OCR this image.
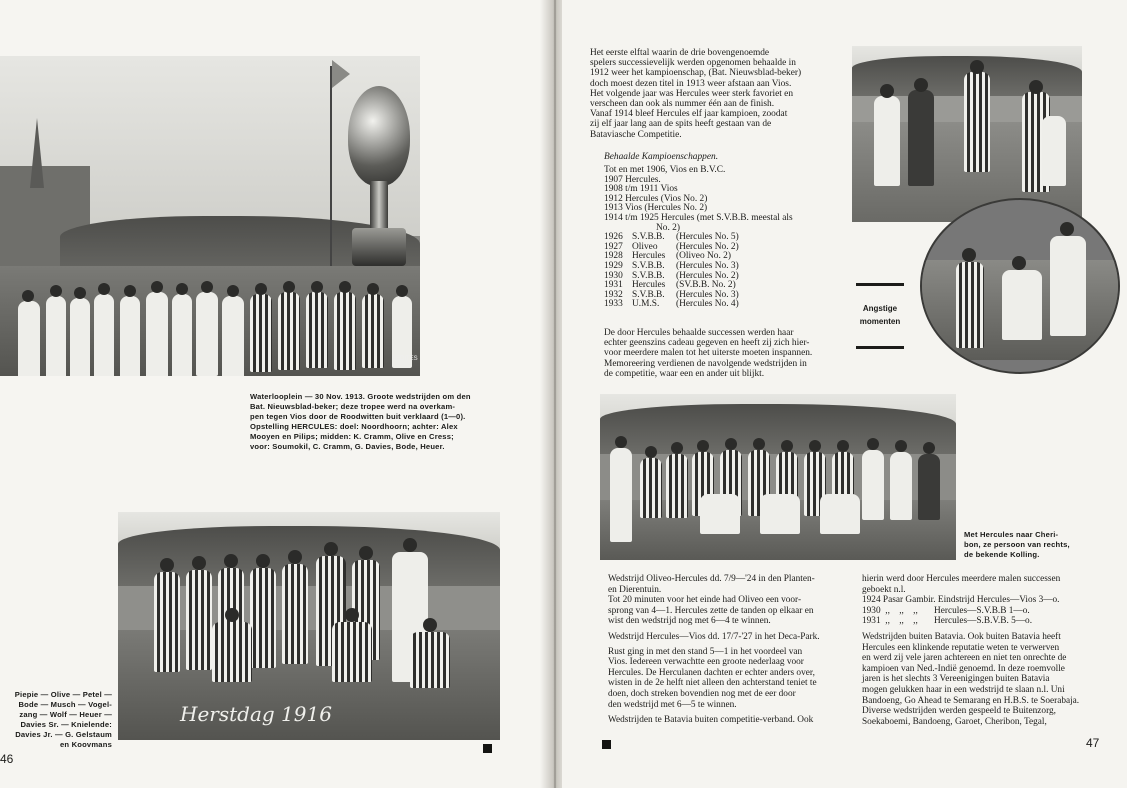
EEDITES
Waterlooplein — 30 Nov. 1913. Groote wedstrijden om den
Bat. Nieuwsblad-beker; deze tropee werd na overkam-
pen tegen Vios door de Roodwitten buit verklaard (1—0).
Opstelling HERCULES: doel: Noordhoorn; achter: Alex
Mooyen en Pilips; midden: K. Cramm, Olive en Cress;
voor: Soumokil, C. Cramm, G. Davies, Bode, Heuer.
Herstdag 1916
Piepie — Olive — Petel —
Bode — Musch — Vogel-
zang — Wolf — Heuer —
Davies Sr. — Knielende:
Davies Jr. — G. Gelstaum
en Koovmans
46

Het eerste elftal waarin de drie bovengenoemde

spelers successievelijk werden opgenomen behaalde in

1912 weer het kampioenschap, (Bat. Nieuwsblad-beker)

doch moest dezen titel in 1913 weer afstaan aan Vios.

Het volgende jaar was Hercules weer sterk favoriet en

verscheen dan ook als nummer één aan de finish.

Vanaf 1914 bleef Hercules elf jaar kampioen, zoodat

zij elf jaar lang aan de spits heeft gestaan van de

Bataviasche Competitie.

Behaalde Kampioenschappen.
Tot en met 1906, Vios en B.V.C.
1907 Hercules.
1908 t/m 1911 Vios
1912 Hercules (Vios No. 2)
1913 Vios (Hercules No. 2)
1914 t/m 1925 Hercules (met S.V.B.B. meestal als
No. 2)
1926 S.V.B.B. (Hercules No. 5)
1927 Oliveo (Hercules No. 2)
1928 Hercules (Oliveo No. 2)
1929 S.V.B.B. (Hercules No. 3)
1930 S.V.B.B. (Hercules No. 2)
1931 Hercules (SV.B.B. No. 2)
1932 S.V.B.B. (Hercules No. 3)
1933 U.M.S. (Hercules No. 4)

De door Hercules behaalde successen werden haar

echter geenszins cadeau gegeven en heeft zij zich hier-

voor meerdere malen tot het uiterste moeten inspannen.

Memoreering verdienen de navolgende wedstrijden in

de competitie, waar een en ander uit blijkt.

Angstige
momenten
Met Hercules naar Cheri-
bon, ze persoon van rechts,
de bekende Kolling.

Wedstrijd Oliveo-Hercules dd. 7/9—'24 in den Planten-

en Dierentuin.

Tot 20 minuten voor het einde had Oliveo een voor-

sprong van 4—1. Hercules zette de tanden op elkaar en

wist den wedstrijd nog met 6—4 te winnen.

Wedstrijd Hercules—Vios dd. 17/7-'27 in het Deca-Park.

Rust ging in met den stand 5—1 in het voordeel van

Vios. Iedereen verwachtte een groote nederlaag voor

Hercules. De Herculanen dachten er echter anders over,

wisten in de 2e helft niet alleen den achterstand teniet te

doen, doch streken bovendien nog met de eer door

den wedstrijd met 6—5 te winnen.

Wedstrijden te Batavia buiten competitie-verband. Ook

hierin werd door Hercules meerdere malen successen

geboekt n.l.

1924 Pasar Gambir. Eindstrijd Hercules—Vios 3—o.

1930  ,,    ,,    ,,       Hercules—S.V.B.B 1—o.

1931  ,,    ,,    ,,       Hercules—S.B.V.B. 5—o.

Wedstrijden buiten Batavia. Ook buiten Batavia heeft

Hercules een klinkende reputatie weten te verwerven

en werd zij vele jaren achtereen en niet ten onrechte de

kampioen van Ned.-Indië genoemd. In deze roemvolle

jaren is het slechts 3 Vereenigingen buiten Batavia

mogen gelukken haar in een wedstrijd te slaan n.l. Uni

Bandoeng, Go Ahead te Semarang en H.B.S. te Soerabaja.

Diverse wedstrijden werden gespeeld te Buitenzorg,

Soekaboemi, Bandoeng, Garoet, Cheribon, Tegal,

47
